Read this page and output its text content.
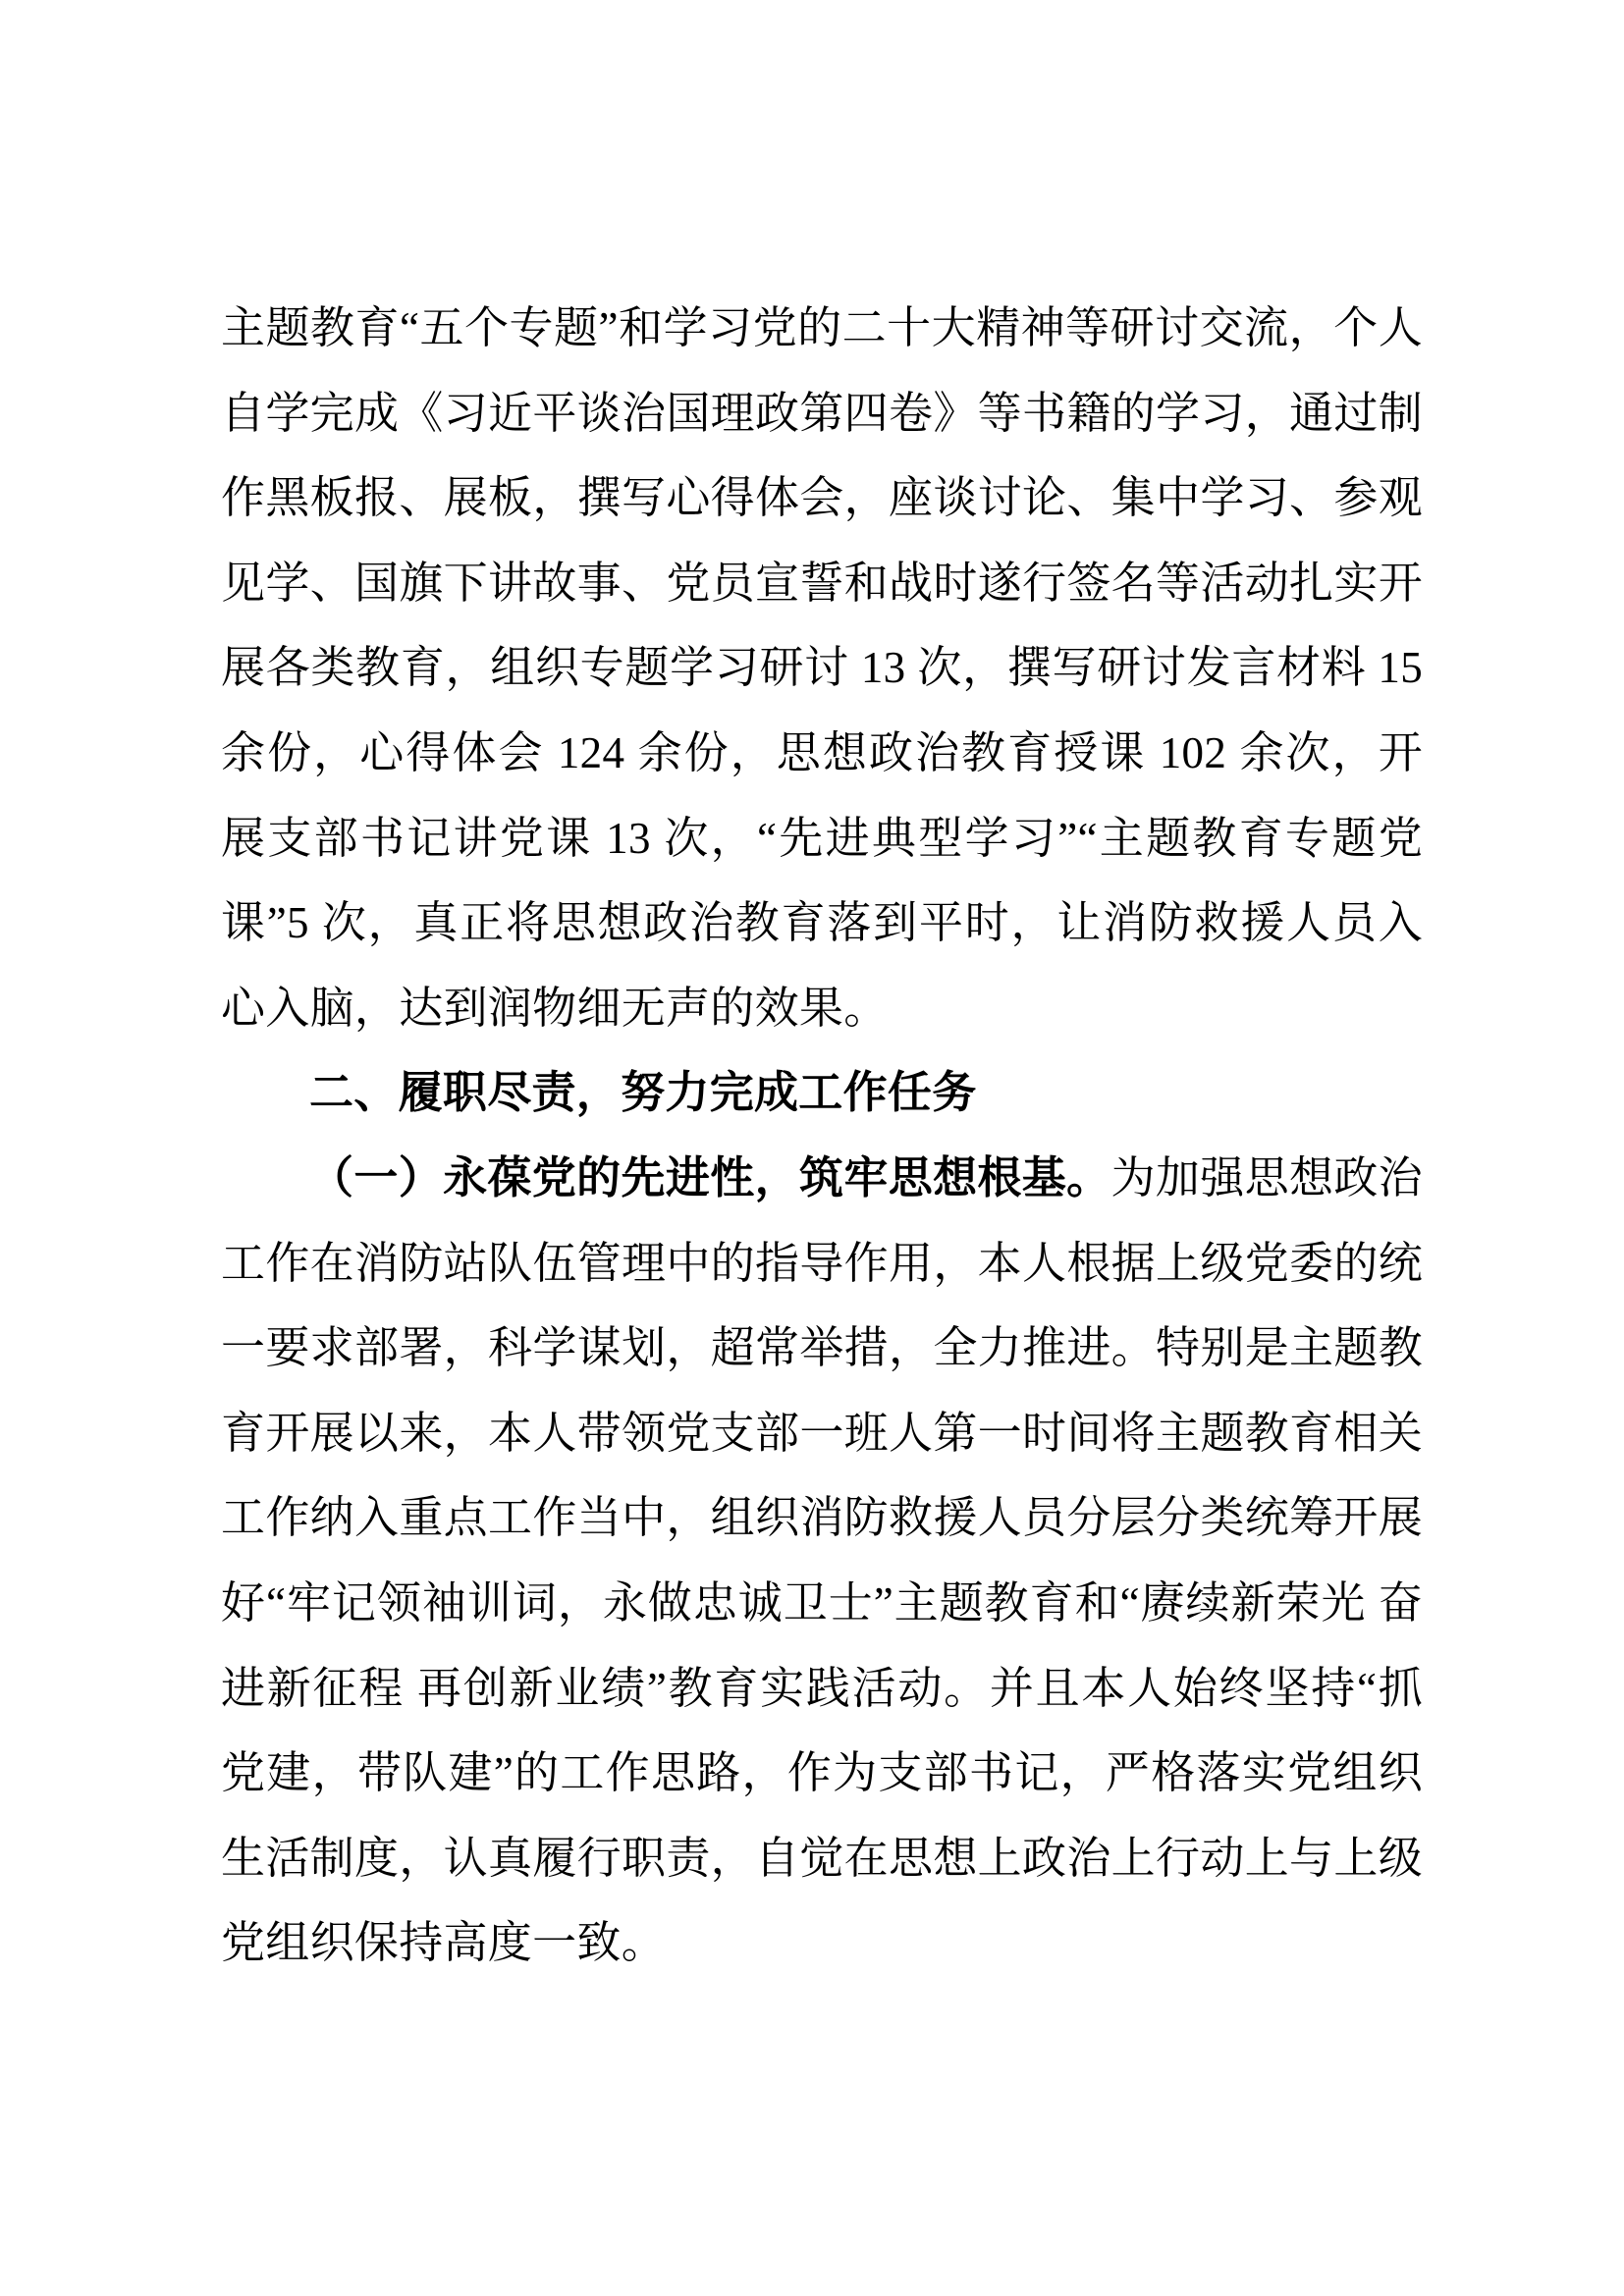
主题教育“五个专题”和学习党的二十大精神等研讨交流，个人自学完成《习近平谈治国理政第四卷》等书籍的学习，通过制作黑板报、展板，撰写心得体会，座谈讨论、集中学习、参观见学、国旗下讲故事、党员宣誓和战时遂行签名等活动扎实开展各类教育，组织专题学习研讨 13 次，撰写研讨发言材料 15 余份，心得体会 124 余份，思想政治教育授课 102 余次，开展支部书记讲党课 13 次，“先进典型学习”“主题教育专题党课”5 次，真正将思想政治教育落到平时，让消防救援人员入心入脑，达到润物细无声的效果。

二、履职尽责，努力完成工作任务

（一）永葆党的先进性，筑牢思想根基。为加强思想政治工作在消防站队伍管理中的指导作用，本人根据上级党委的统一要求部署，科学谋划，超常举措，全力推进。特别是主题教育开展以来，本人带领党支部一班人第一时间将主题教育相关工作纳入重点工作当中，组织消防救援人员分层分类统筹开展好“牢记领袖训词，永做忠诚卫士”主题教育和“赓续新荣光 奋进新征程 再创新业绩”教育实践活动。并且本人始终坚持“抓党建，带队建”的工作思路，作为支部书记，严格落实党组织生活制度，认真履行职责，自觉在思想上政治上行动上与上级党组织保持高度一致。
